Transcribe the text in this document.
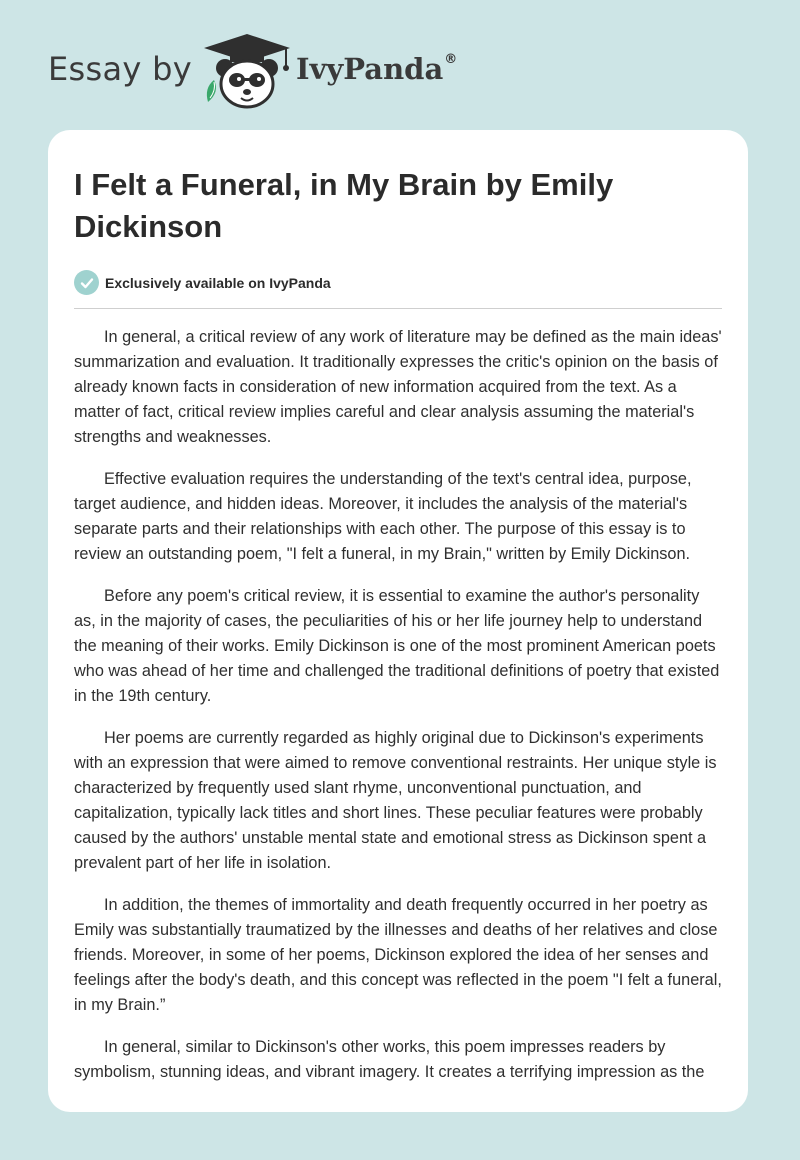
Essay by	IvyPanda®
I Felt a Funeral, in My Brain by Emily Dickinson
Exclusively available on IvyPanda

In general, a critical review of any work of literature may be defined as the main ideas' summarization and evaluation. It traditionally expresses the critic's opinion on the basis of already known facts in consideration of new information acquired from the text. As a matter of fact, critical review implies careful and clear analysis assuming the material's strengths and weaknesses.

Effective evaluation requires the understanding of the text's central idea, purpose, target audience, and hidden ideas. Moreover, it includes the analysis of the material's separate parts and their relationships with each other. The purpose of this essay is to review an outstanding poem, "I felt a funeral, in my Brain," written by Emily Dickinson.

Before any poem's critical review, it is essential to examine the author's personality as, in the majority of cases, the peculiarities of his or her life journey help to understand the meaning of their works. Emily Dickinson is one of the most prominent American poets who was ahead of her time and challenged the traditional definitions of poetry that existed in the 19th century.

Her poems are currently regarded as highly original due to Dickinson's experiments with an expression that were aimed to remove conventional restraints. Her unique style is characterized by frequently used slant rhyme, unconventional punctuation, and capitalization, typically lack titles and short lines. These peculiar features were probably caused by the authors' unstable mental state and emotional stress as Dickinson spent a prevalent part of her life in isolation.

In addition, the themes of immortality and death frequently occurred in her poetry as Emily was substantially traumatized by the illnesses and deaths of her relatives and close friends. Moreover, in some of her poems, Dickinson explored the idea of her senses and feelings after the body's death, and this concept was reflected in the poem "I felt a funeral, in my Brain.”

In general, similar to Dickinson's other works, this poem impresses readers by symbolism, stunning ideas, and vibrant imagery. It creates a terrifying impression as the
